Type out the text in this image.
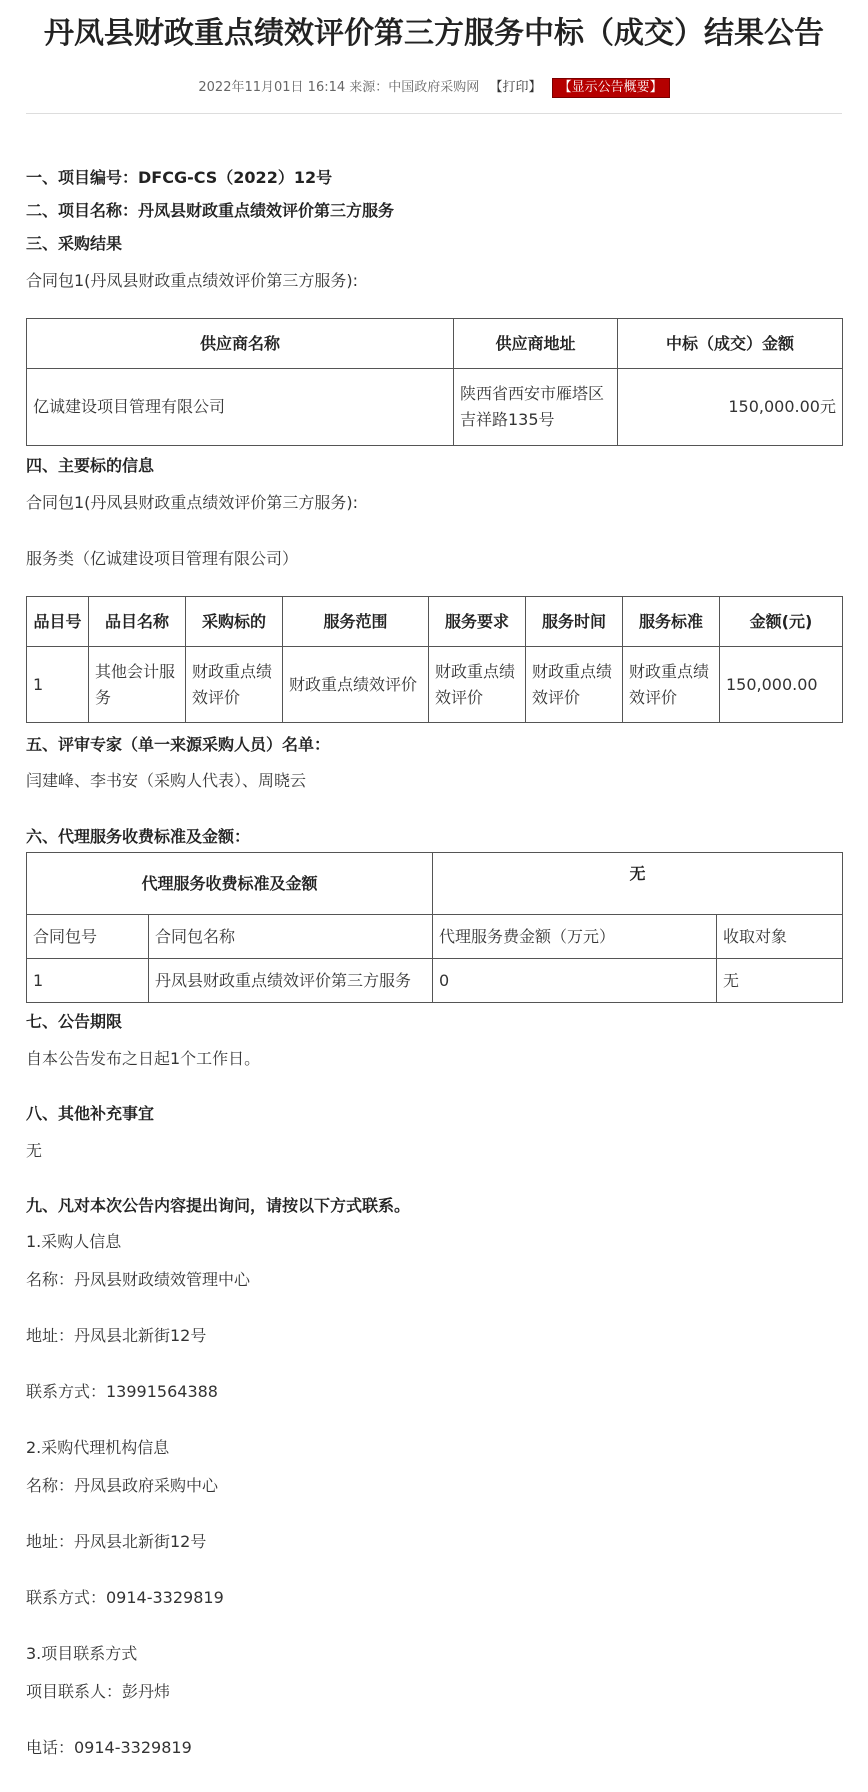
丹凤县财政重点绩效评价第三方服务中标（成交）结果公告
2022年11月01日 16:14 来源：中国政府采购网 【打印】 【显示公告概要】
一、项目编号：DFCG-CS（2022）12号
二、项目名称：丹凤县财政重点绩效评价第三方服务
三、采购结果
合同包1(丹凤县财政重点绩效评价第三方服务):
供应商名称	供应商地址	中标（成交）金额
亿诚建设项目管理有限公司	陕西省西安市雁塔区吉祥路135号	150,000.00元
四、主要标的信息
合同包1(丹凤县财政重点绩效评价第三方服务):
服务类（亿诚建设项目管理有限公司）
品目号	品目名称	采购标的	服务范围	服务要求	服务时间	服务标准	金额(元)
1	其他会计服务	财政重点绩效评价	财政重点绩效评价	财政重点绩效评价	财政重点绩效评价	财政重点绩效评价	150,000.00
五、评审专家（单一来源采购人员）名单：
闫建峰、李书安（采购人代表）、周晓云
六、代理服务收费标准及金额：
代理服务收费标准及金额		无	
合同包号	合同包名称	代理服务费金额（万元）	收取对象
1	丹凤县财政重点绩效评价第三方服务	0	无
七、公告期限
自本公告发布之日起1个工作日。
八、其他补充事宜
无
九、凡对本次公告内容提出询问，请按以下方式联系。
1.采购人信息
名称：丹凤县财政绩效管理中心
地址：丹凤县北新街12号
联系方式：13991564388
2.采购代理机构信息
名称：丹凤县政府采购中心
地址：丹凤县北新街12号
联系方式：0914-3329819
3.项目联系方式
项目联系人：彭丹炜
电话：0914-3329819
